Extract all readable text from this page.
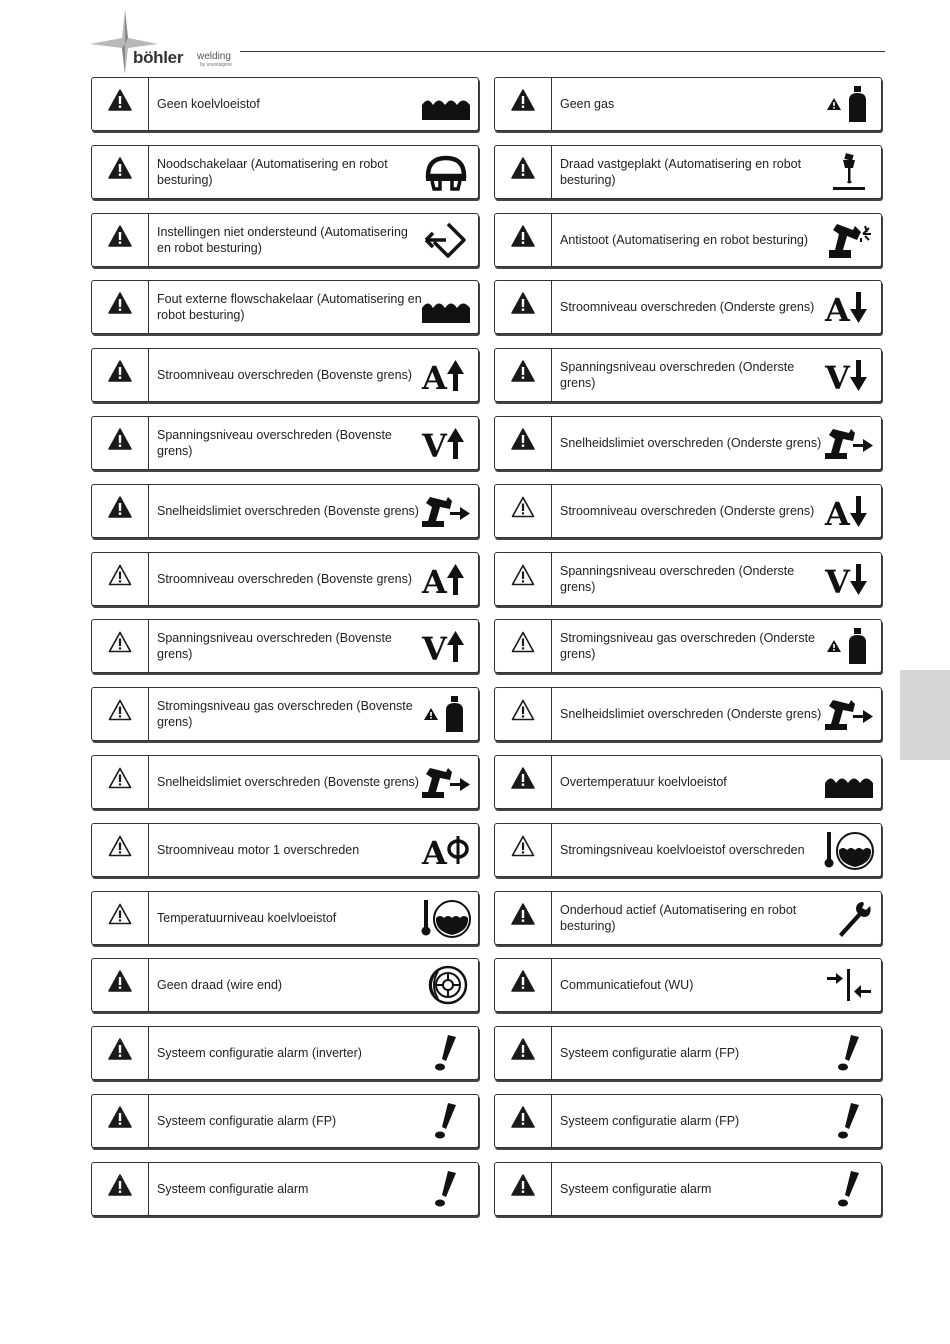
böhler welding
by voestalpine
Geen koelvloeistof	Geen gas
Noodschakelaar (Automatisering en robot besturing)
Draad vastgeplakt (Automatisering en robot besturing)
Instellingen niet ondersteund (Automatisering en robot besturing)
Antistoot (Automatisering en robot besturing)
Fout externe flowschakelaar (Automatisering en robot besturing)
Stroomniveau overschreden (Onderste grens) A
Stroomniveau overschreden (Bovenste grens) A	Spanningsniveau overschreden (Onderste grens)	V
Spanningsniveau overschreden (Bovenste grens)	V	Snelheidslimiet overschreden (Onderste grens)
Snelheidslimiet overschreden (Bovenste grens)	Stroomniveau overschreden (Onderste grens) A
Stroomniveau overschreden (Bovenste grens) A	Spanningsniveau overschreden (Onderste grens)	V
Spanningsniveau overschreden (Bovenste grens)	V	Stromingsniveau gas overschreden (Onderste grens)
Stromingsniveau gas overschreden (Bovenste grens)
Snelheidslimiet overschreden (Onderste grens)
Snelheidslimiet overschreden (Bovenste grens)	Overtemperatuur koelvloeistof
Stroomniveau motor 1 overschreden	A	Stromingsniveau koelvloeistof overschreden
Temperatuurniveau koelvloeistof
Onderhoud actief (Automatisering en robot besturing)
Geen draad (wire end)	Communicatiefout (WU)
Systeem configuratie alarm (inverter)	Systeem configuratie alarm (FP)
Systeem configuratie alarm (FP)	Systeem configuratie alarm (FP)
Systeem configuratie alarm	Systeem configuratie alarm
